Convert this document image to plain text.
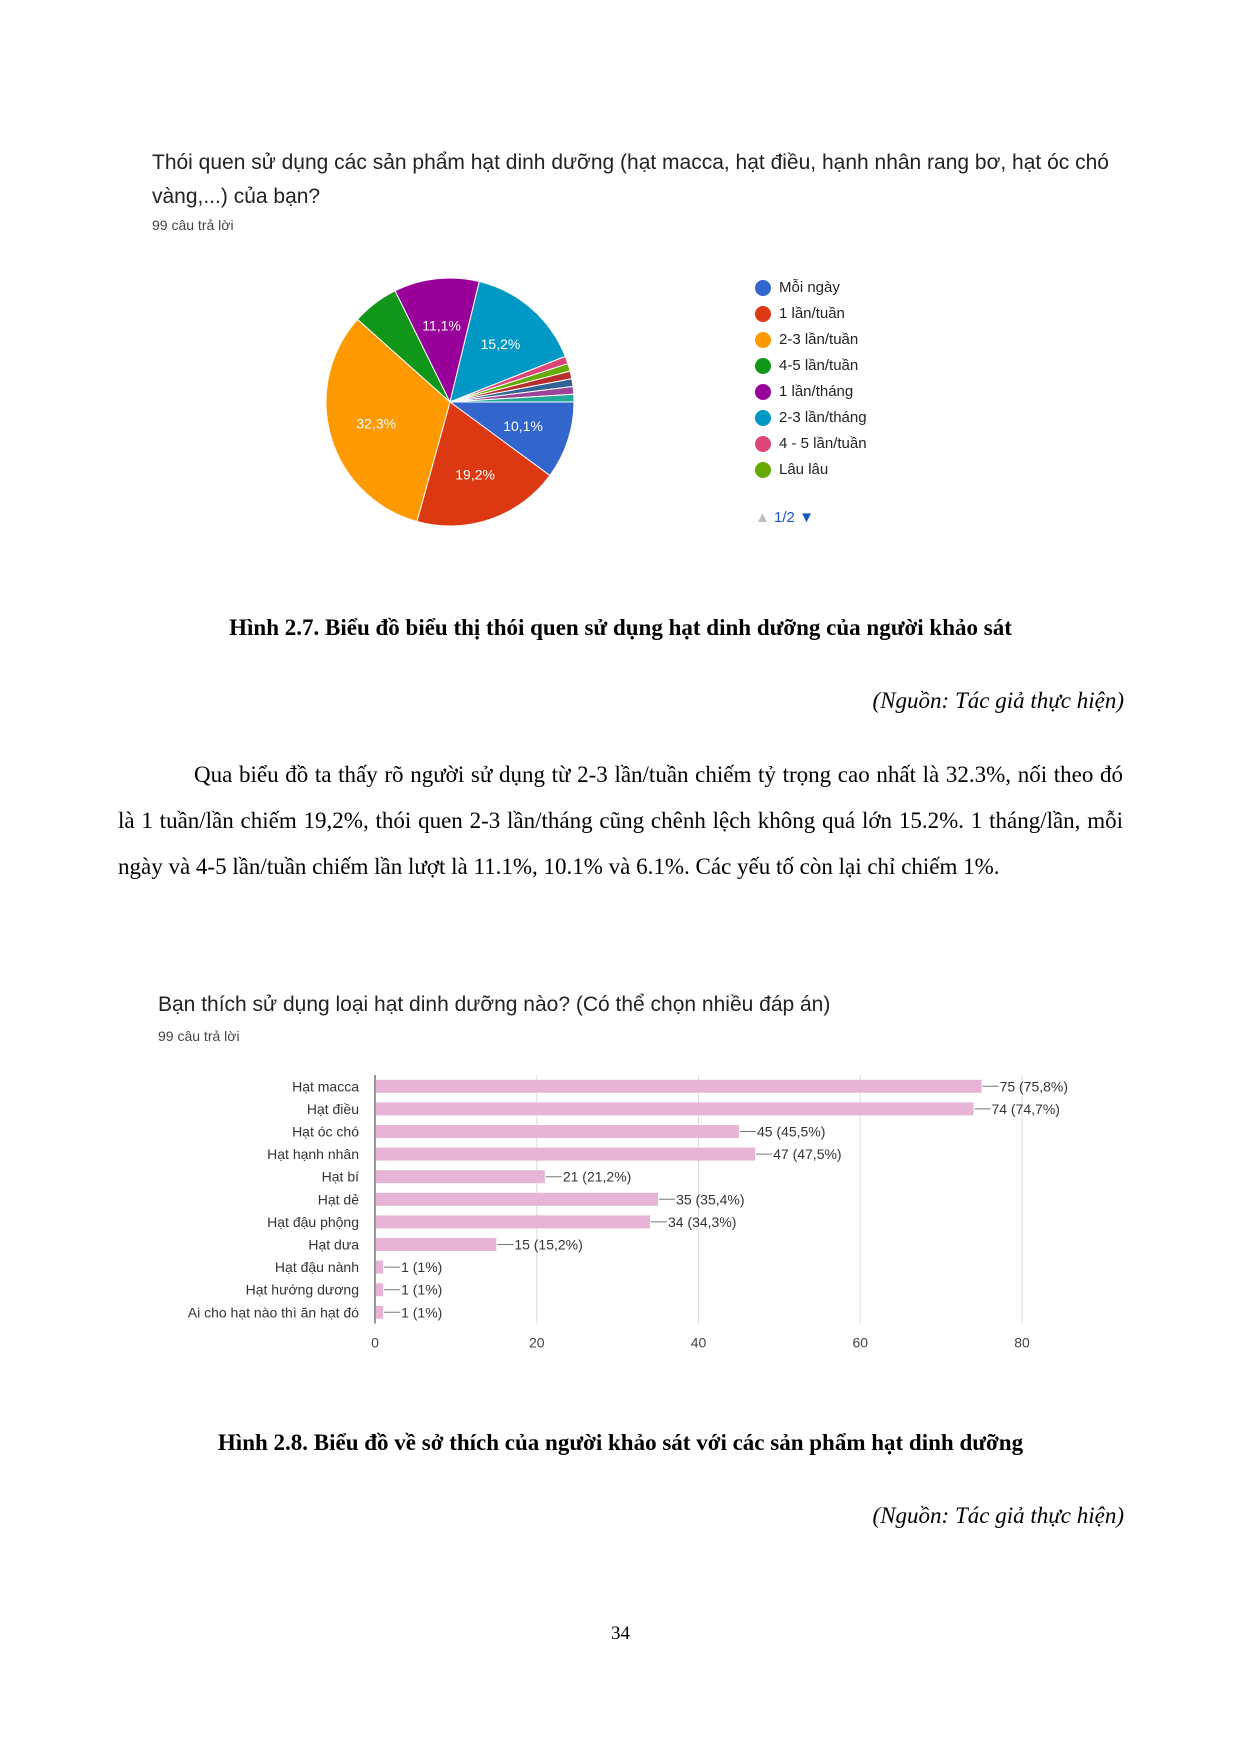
Thói quen sử dụng các sản phẩm hạt dinh dưỡng (hạt macca, hạt điều, hạnh nhân rang bơ, hạt óc chó vàng,...) của bạn?
99 câu trả lời
10,1%
19,2%
32,3%
11,1%
15,2%
Mỗi ngày
1 lần/tuần
2-3 lần/tuần
4-5 lần/tuần
1 lần/tháng
2-3 lần/tháng
4 - 5 lần/tuần
Lâu lâu
▲ 1/2 ▼
Hình 2.7. Biểu đồ biểu thị thói quen sử dụng hạt dinh dưỡng của người khảo sát
(Nguồn: Tác giả thực hiện)

Qua biểu đồ ta thấy rõ người sử dụng từ 2-3 lần/tuần chiếm tỷ trọng cao nhất là 32.3%, nối theo đó là 1 tuần/lần chiếm 19,2%, thói quen 2-3 lần/tháng cũng chênh lệch không quá lớn 15.2%. 1 tháng/lần, mỗi ngày và 4-5 lần/tuần chiếm lần lượt là 11.1%, 10.1% và 6.1%. Các yếu tố còn lại chỉ chiếm 1%.

Bạn thích sử dụng loại hạt dinh dưỡng nào? (Có thể chọn nhiều đáp án)
99 câu trả lời
0	20	40	60	80
Hạt macca	75 (75,8%)
Hạt điều	74 (74,7%)
Hạt óc chó	45 (45,5%)
Hạt hạnh nhân	47 (47,5%)
Hạt bí	21 (21,2%)
Hạt dẻ	35 (35,4%)
Hạt đậu phộng	34 (34,3%)
Hạt dưa	15 (15,2%)
Hạt đậu nành	1 (1%)
Hạt hướng dương	1 (1%)
Ai cho hạt nào thì ăn hạt đó	1 (1%)
Hình 2.8. Biểu đồ về sở thích của người khảo sát với các sản phẩm hạt dinh dưỡng
(Nguồn: Tác giả thực hiện)
34
